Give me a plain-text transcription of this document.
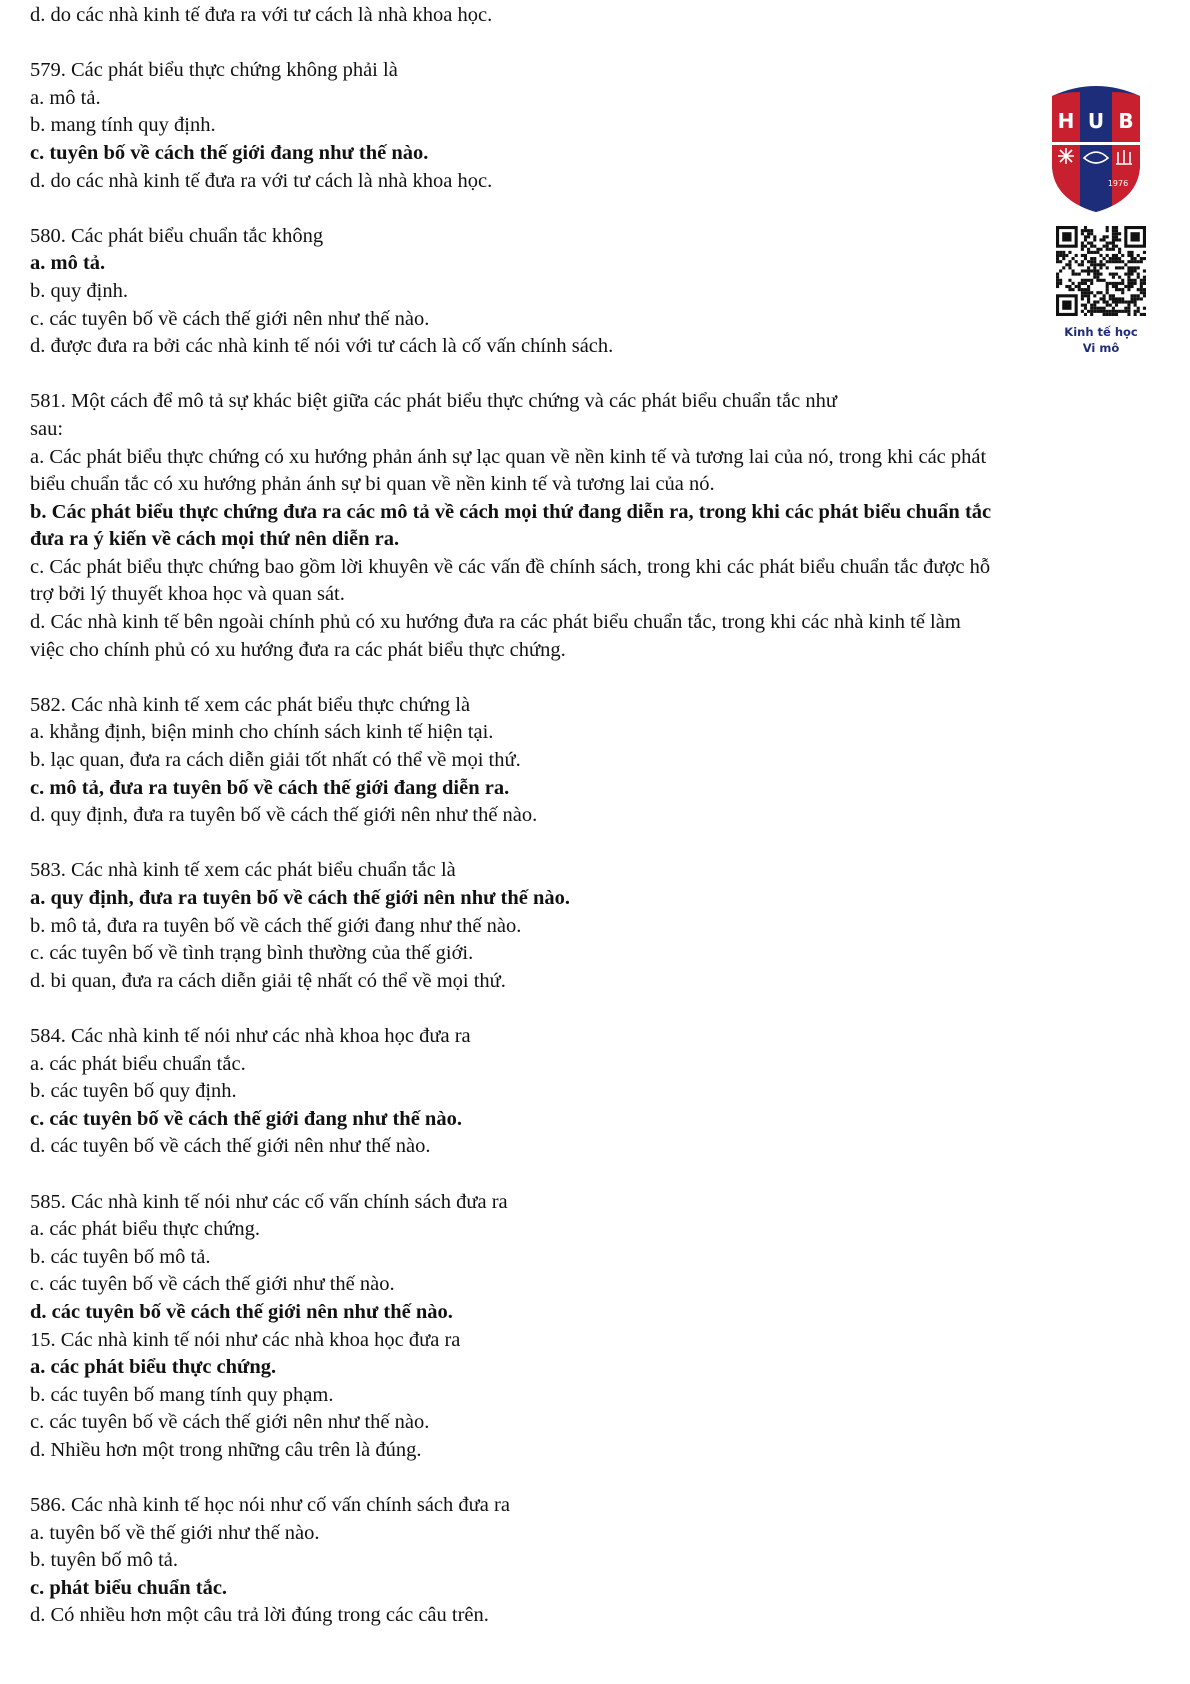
d. do các nhà kinh tế đưa ra với tư cách là nhà khoa học.
579. Các phát biểu thực chứng không phải là
a. mô tả.
b. mang tính quy định.
c. tuyên bố về cách thế giới đang như thế nào.
d. do các nhà kinh tế đưa ra với tư cách là nhà khoa học.
580. Các phát biểu chuẩn tắc không
a. mô tả.
b. quy định.
c. các tuyên bố về cách thế giới nên như thế nào.
d. được đưa ra bởi các nhà kinh tế nói với tư cách là cố vấn chính sách.
581. Một cách để mô tả sự khác biệt giữa các phát biểu thực chứng và các phát biểu chuẩn tắc như
sau:
a. Các phát biểu thực chứng có xu hướng phản ánh sự lạc quan về nền kinh tế và tương lai của nó, trong khi các phát
biểu chuẩn tắc có xu hướng phản ánh sự bi quan về nền kinh tế và tương lai của nó.
b. Các phát biểu thực chứng đưa ra các mô tả về cách mọi thứ đang diễn ra, trong khi các phát biểu chuẩn tắc
đưa ra ý kiến về cách mọi thứ nên diễn ra.
c. Các phát biểu thực chứng bao gồm lời khuyên về các vấn đề chính sách, trong khi các phát biểu chuẩn tắc được hỗ
trợ bởi lý thuyết khoa học và quan sát.
d. Các nhà kinh tế bên ngoài chính phủ có xu hướng đưa ra các phát biểu chuẩn tắc, trong khi các nhà kinh tế làm
việc cho chính phủ có xu hướng đưa ra các phát biểu thực chứng.
582. Các nhà kinh tế xem các phát biểu thực chứng là
a. khẳng định, biện minh cho chính sách kinh tế hiện tại.
b. lạc quan, đưa ra cách diễn giải tốt nhất có thể về mọi thứ.
c. mô tả, đưa ra tuyên bố về cách thế giới đang diễn ra.
d. quy định, đưa ra tuyên bố về cách thế giới nên như thế nào.
583. Các nhà kinh tế xem các phát biểu chuẩn tắc là
a. quy định, đưa ra tuyên bố về cách thế giới nên như thế nào.
b. mô tả, đưa ra tuyên bố về cách thế giới đang như thế nào.
c. các tuyên bố về tình trạng bình thường của thế giới.
d. bi quan, đưa ra cách diễn giải tệ nhất có thể về mọi thứ.
584. Các nhà kinh tế nói như các nhà khoa học đưa ra
a. các phát biểu chuẩn tắc.
b. các tuyên bố quy định.
c. các tuyên bố về cách thế giới đang như thế nào.
d. các tuyên bố về cách thế giới nên như thế nào.
585. Các nhà kinh tế nói như các cố vấn chính sách đưa ra
a. các phát biểu thực chứng.
b. các tuyên bố mô tả.
c. các tuyên bố về cách thế giới như thế nào.
d. các tuyên bố về cách thế giới nên như thế nào.
15. Các nhà kinh tế nói như các nhà khoa học đưa ra
a. các phát biểu thực chứng.
b. các tuyên bố mang tính quy phạm.
c. các tuyên bố về cách thế giới nên như thế nào.
d. Nhiều hơn một trong những câu trên là đúng.
586. Các nhà kinh tế học nói như cố vấn chính sách đưa ra
a. tuyên bố về thế giới như thế nào.
b. tuyên bố mô tả.
c. phát biểu chuẩn tắc.
d. Có nhiều hơn một câu trả lời đúng trong các câu trên.
H U B
1976
Kinh tế học
Vi mô
